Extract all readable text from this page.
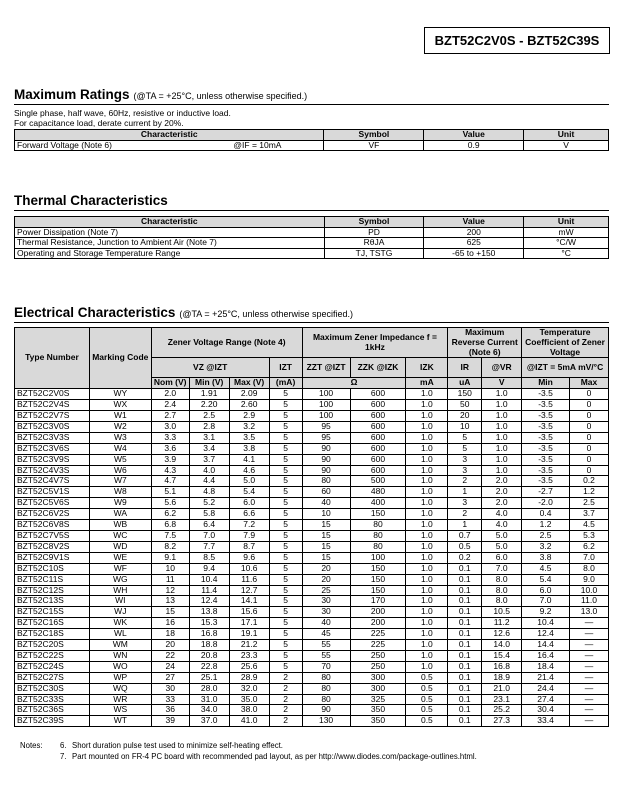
BZT52C2V0S - BZT52C39S
Maximum Ratings (@TA = +25°C, unless otherwise specified.)
Single phase, half wave, 60Hz, resistive or inductive load.
For capacitance load, derate current by 20%.
Characteristic	Symbol	Value	Unit
Forward Voltage (Note 6) @IF = 10mA	VF	0.9	V
Thermal Characteristics
Characteristic	Symbol	Value	Unit
Power Dissipation (Note 7)	PD	200	mW
Thermal Resistance, Junction to Ambient Air (Note 7)	RθJA	625	°C/W
Operating and Storage Temperature Range	TJ, TSTG	-65 to +150	°C
Electrical Characteristics (@TA = +25°C, unless otherwise specified.)
Type Number	Marking Code	Zener Voltage Range (Note 4)				Maximum Zener Impedance f = 1kHz			Maximum Reverse Current (Note 6)		Temperature Coefficient of Zener Voltage	
		VZ @IZT			IZT	ZZT @IZT	ZZK @IZK	IZK	IR	@VR	@IZT = 5mA mV/°C	
		Nom (V)	Min (V)	Max (V)	(mA)	Ω		mA	uA	V	Min	Max
BZT52C2V0S	WY	2.0	1.91	2.09	5	100	600	1.0	150	1.0	-3.5	0
BZT52C2V4S	WX	2.4	2.20	2.60	5	100	600	1.0	50	1.0	-3.5	0
BZT52C2V7S	W1	2.7	2.5	2.9	5	100	600	1.0	20	1.0	-3.5	0
BZT52C3V0S	W2	3.0	2.8	3.2	5	95	600	1.0	10	1.0	-3.5	0
BZT52C3V3S	W3	3.3	3.1	3.5	5	95	600	1.0	5	1.0	-3.5	0
BZT52C3V6S	W4	3.6	3.4	3.8	5	90	600	1.0	5	1.0	-3.5	0
BZT52C3V9S	W5	3.9	3.7	4.1	5	90	600	1.0	3	1.0	-3.5	0
BZT52C4V3S	W6	4.3	4.0	4.6	5	90	600	1.0	3	1.0	-3.5	0
BZT52C4V7S	W7	4.7	4.4	5.0	5	80	500	1.0	2	2.0	-3.5	0.2
BZT52C5V1S	W8	5.1	4.8	5.4	5	60	480	1.0	1	2.0	-2.7	1.2
BZT52C5V6S	W9	5.6	5.2	6.0	5	40	400	1.0	3	2.0	-2.0	2.5
BZT52C6V2S	WA	6.2	5.8	6.6	5	10	150	1.0	2	4.0	0.4	3.7
BZT52C6V8S	WB	6.8	6.4	7.2	5	15	80	1.0	1	4.0	1.2	4.5
BZT52C7V5S	WC	7.5	7.0	7.9	5	15	80	1.0	0.7	5.0	2.5	5.3
BZT52C8V2S	WD	8.2	7.7	8.7	5	15	80	1.0	0.5	5.0	3.2	6.2
BZT52C9V1S	WE	9.1	8.5	9.6	5	15	100	1.0	0.2	6.0	3.8	7.0
BZT52C10S	WF	10	9.4	10.6	5	20	150	1.0	0.1	7.0	4.5	8.0
BZT52C11S	WG	11	10.4	11.6	5	20	150	1.0	0.1	8.0	5.4	9.0
BZT52C12S	WH	12	11.4	12.7	5	25	150	1.0	0.1	8.0	6.0	10.0
BZT52C13S	WI	13	12.4	14.1	5	30	170	1.0	0.1	8.0	7.0	11.0
BZT52C15S	WJ	15	13.8	15.6	5	30	200	1.0	0.1	10.5	9.2	13.0
BZT52C16S	WK	16	15.3	17.1	5	40	200	1.0	0.1	11.2	10.4	—
BZT52C18S	WL	18	16.8	19.1	5	45	225	1.0	0.1	12.6	12.4	—
BZT52C20S	WM	20	18.8	21.2	5	55	225	1.0	0.1	14.0	14.4	—
BZT52C22S	WN	22	20.8	23.3	5	55	250	1.0	0.1	15.4	16.4	—
BZT52C24S	WO	24	22.8	25.6	5	70	250	1.0	0.1	16.8	18.4	—
BZT52C27S	WP	27	25.1	28.9	2	80	300	0.5	0.1	18.9	21.4	—
BZT52C30S	WQ	30	28.0	32.0	2	80	300	0.5	0.1	21.0	24.4	—
BZT52C33S	WR	33	31.0	35.0	2	80	325	0.5	0.1	23.1	27.4	—
BZT52C36S	WS	36	34.0	38.0	2	90	350	0.5	0.1	25.2	30.4	—
BZT52C39S	WT	39	37.0	41.0	2	130	350	0.5	0.1	27.3	33.4	—
Notes:	6. Short duration pulse test used to minimize self-heating effect.
7. Part mounted on FR-4 PC board with recommended pad layout, as per http://www.diodes.com/package-outlines.html.
